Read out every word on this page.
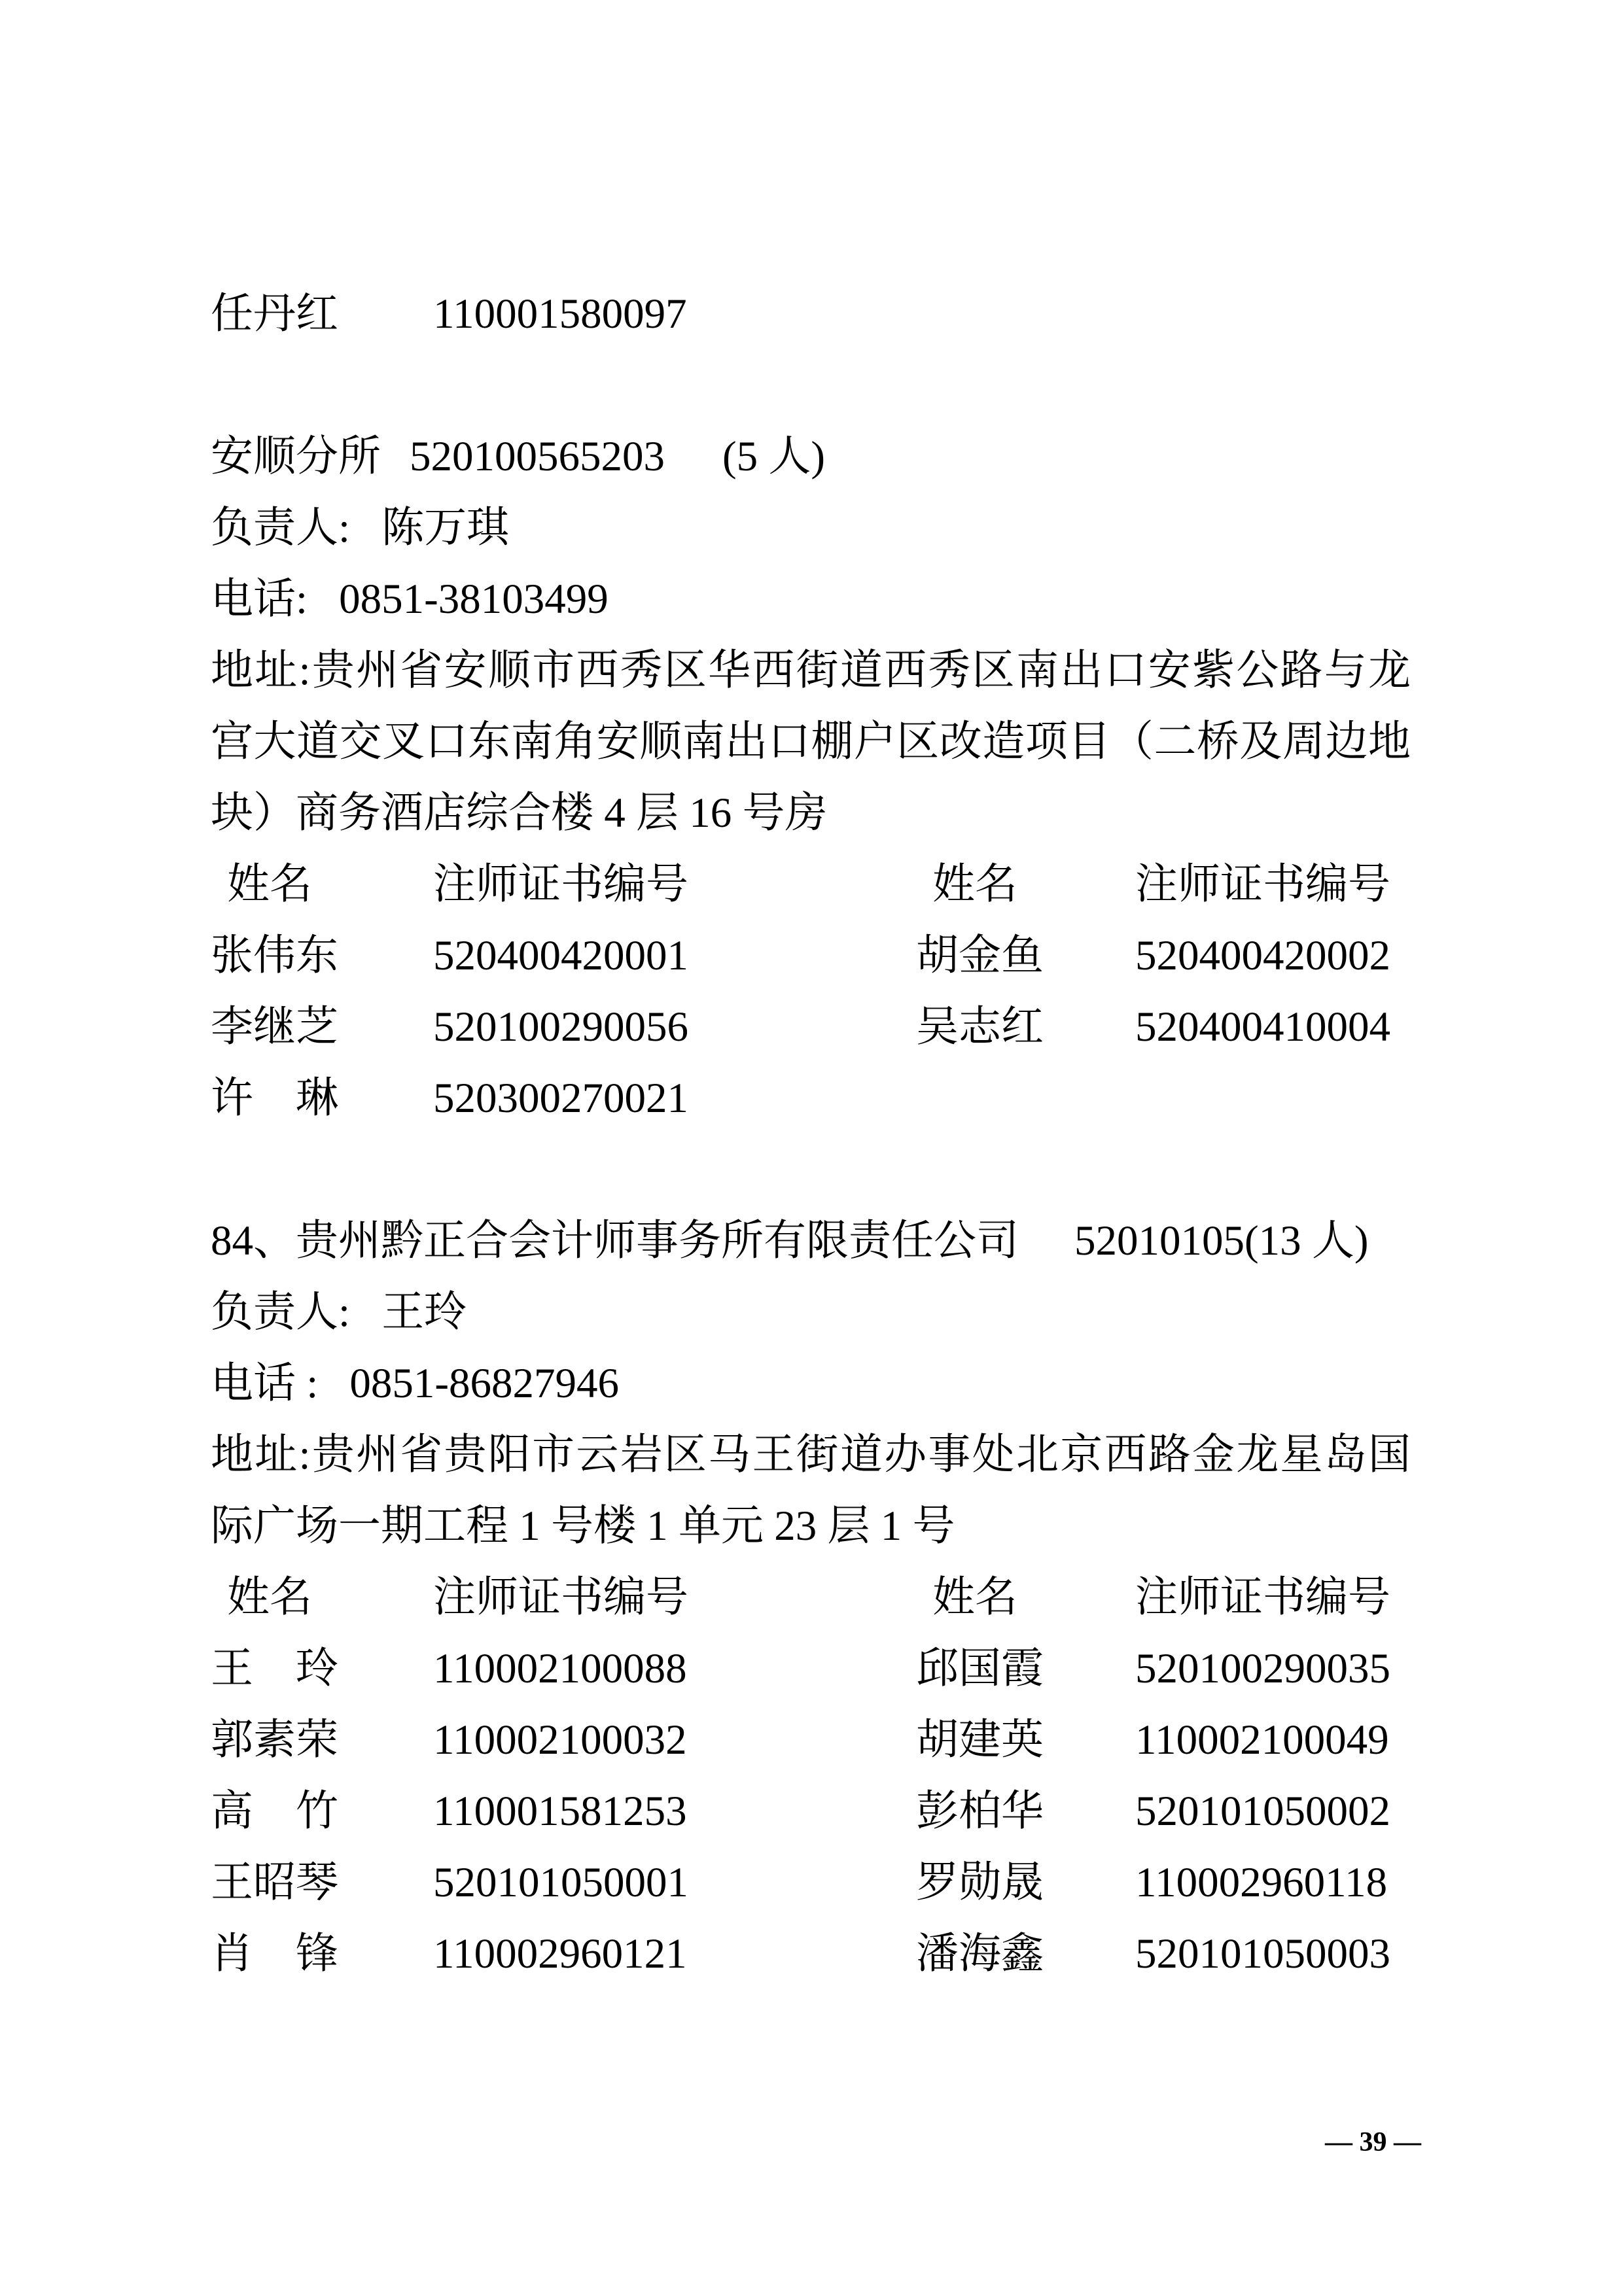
任丹红	110001580097
安顺分所 520100565203 (5 人)
负责人: 陈万琪
电话: 0851-38103499
地址:贵州省安顺市西秀区华西街道西秀区南出口安紫公路与龙
宫大道交叉口东南角安顺南出口棚户区改造项目（二桥及周边地
块）商务酒店综合楼 4 层 16 号房
姓名	注师证书编号	姓名	注师证书编号
张伟东	520400420001	胡金鱼	520400420002
李继芝	520100290056	吴志红	520400410004
许　琳	520300270021
84、贵州黔正合会计师事务所有限责任公司 52010105(13 人)
负责人: 王玲
电话 : 0851-86827946
地址:贵州省贵阳市云岩区马王街道办事处北京西路金龙星岛国
际广场一期工程 1 号楼 1 单元 23 层 1 号
姓名	注师证书编号	姓名	注师证书编号
王　玲	110002100088	邱国霞	520100290035
郭素荣	110002100032	胡建英	110002100049
高　竹	110001581253	彭柏华	520101050002
王昭琴	520101050001	罗勋晟	110002960118
肖　锋	110002960121	潘海鑫	520101050003
— 39 —
